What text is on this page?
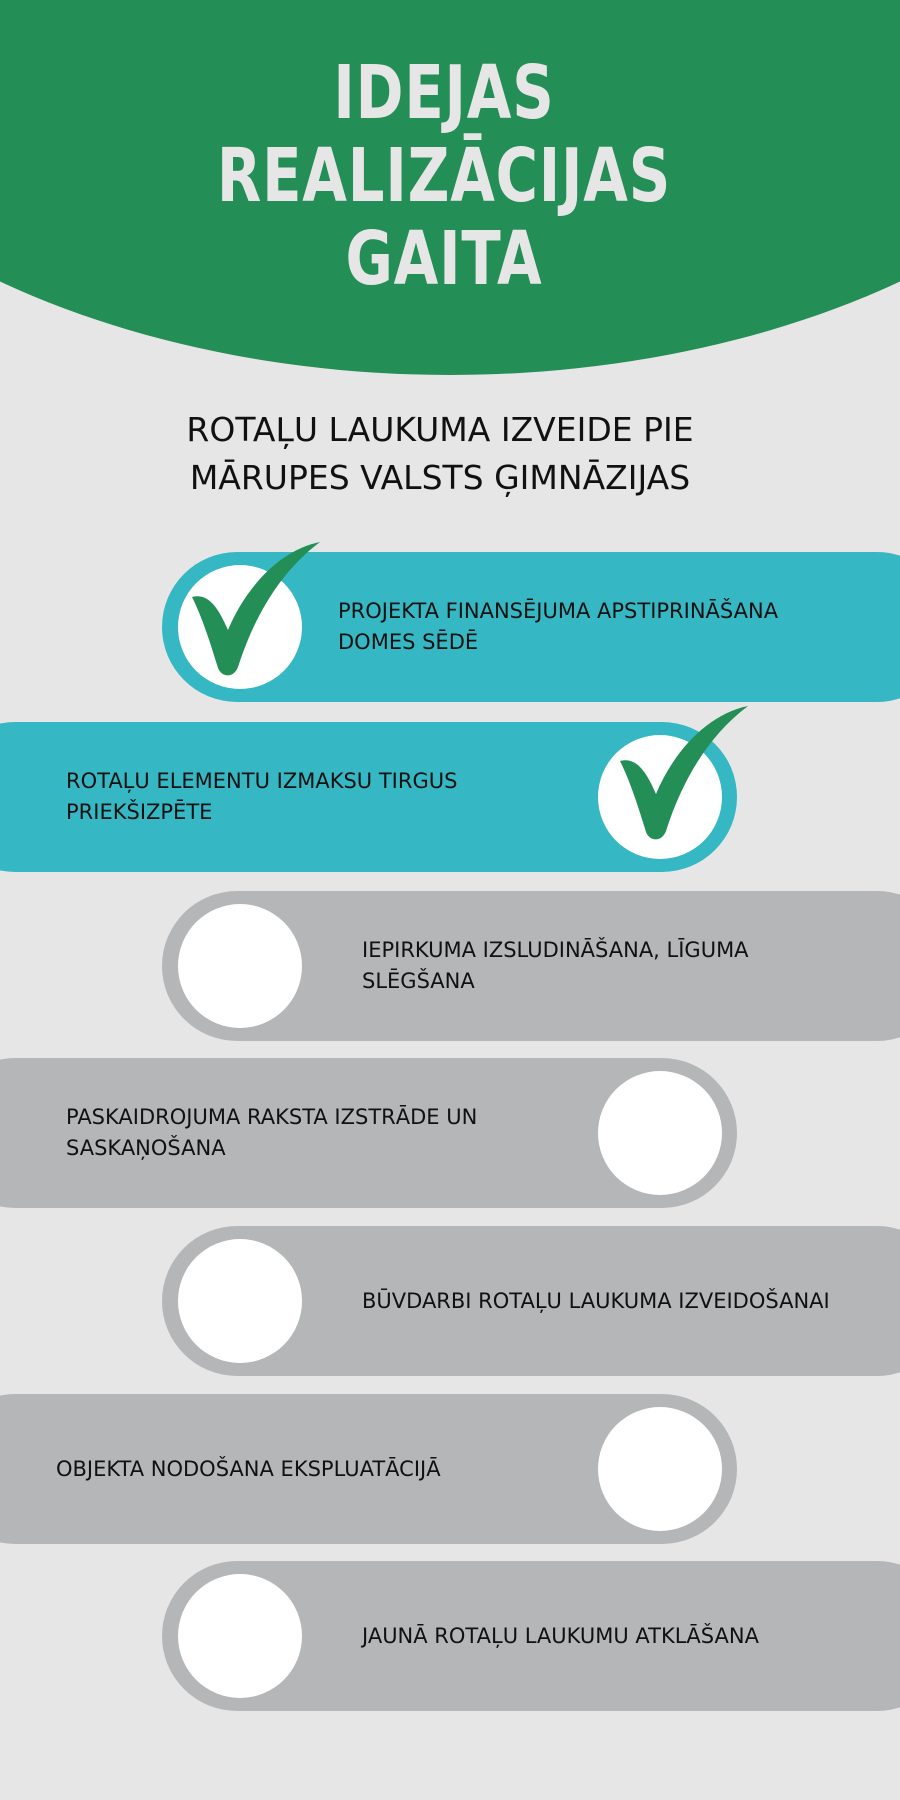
IDEJAS
REALIZĀCIJAS
GAITA
ROTAĻU LAUKUMA IZVEIDE PIE
MĀRUPES VALSTS ĢIMNĀZIJAS
PROJEKTA FINANSĒJUMA APSTIPRINĀŠANA
DOMES SĒDĒ
ROTAĻU ELEMENTU IZMAKSU TIRGUS
PRIEKŠIZPĒTE
IEPIRKUMA IZSLUDINĀŠANA, LĪGUMA
SLĒGŠANA
PASKAIDROJUMA RAKSTA IZSTRĀDE UN
SASKAŅOŠANA
BŪVDARBI ROTAĻU LAUKUMA IZVEIDOŠANAI
OBJEKTA NODOŠANA EKSPLUATĀCIJĀ
JAUNĀ ROTAĻU LAUKUMU ATKLĀŠANA
